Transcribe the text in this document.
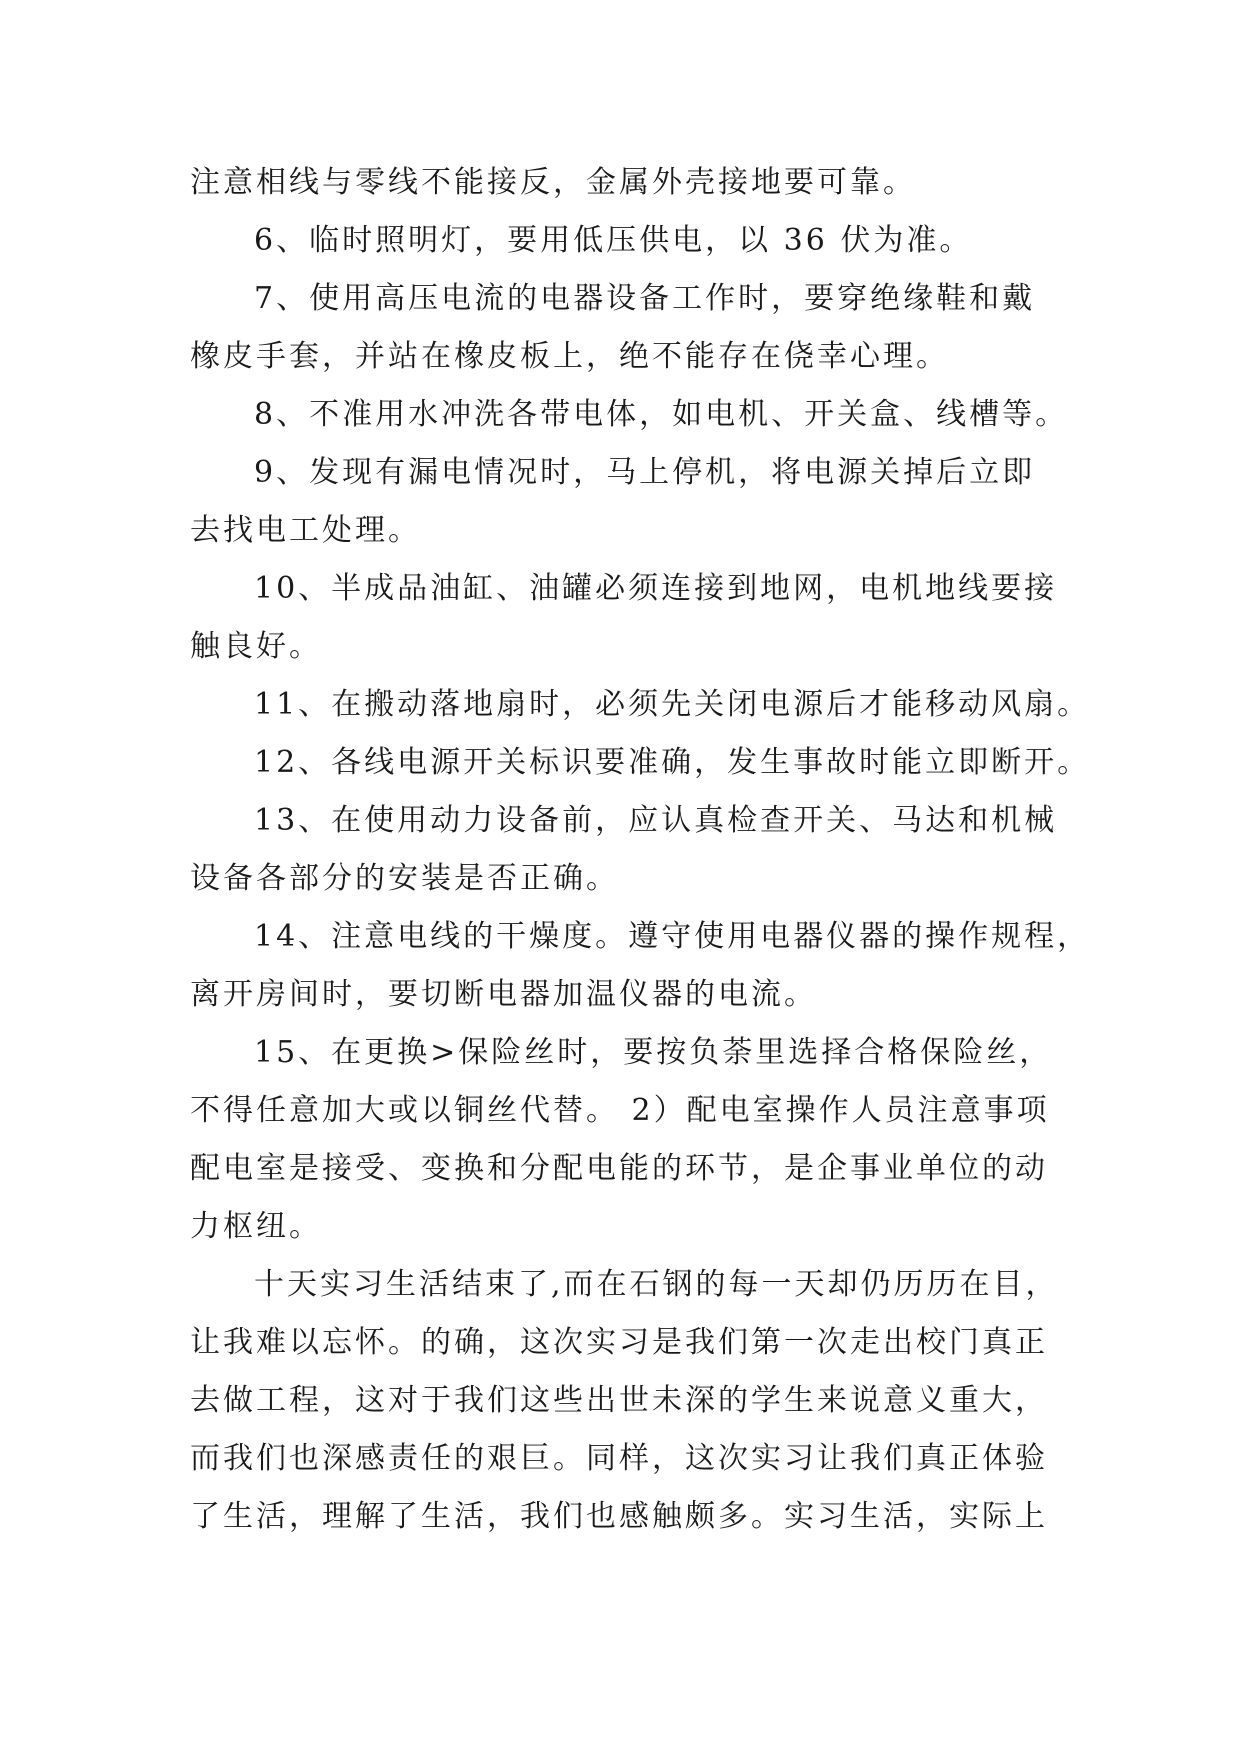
注意相线与零线不能接反，金属外壳接地要可靠。
6、临时照明灯，要用低压供电，以 36 伏为准。
7、使用高压电流的电器设备工作时，要穿绝缘鞋和戴
橡皮手套，并站在橡皮板上，绝不能存在侥幸心理。
8、不准用水冲洗各带电体，如电机、开关盒、线槽等。
9、发现有漏电情况时，马上停机，将电源关掉后立即
去找电工处理。
10、半成品油缸、油罐必须连接到地网，电机地线要接
触良好。
11、在搬动落地扇时，必须先关闭电源后才能移动风扇。
12、各线电源开关标识要准确，发生事故时能立即断开。
13、在使用动力设备前，应认真检查开关、马达和机械
设备各部分的安装是否正确。
14、注意电线的干燥度。遵守使用电器仪器的操作规程，
离开房间时，要切断电器加温仪器的电流。
15、在更换>保险丝时，要按负荼里选择合格保险丝，
不得任意加大或以铜丝代替。 2）配电室操作人员注意事项
配电室是接受、变换和分配电能的环节，是企事业单位的动
力枢纽。
十天实习生活结束了,而在石钢的每一天却仍历历在目，
让我难以忘怀。的确，这次实习是我们第一次走出校门真正
去做工程，这对于我们这些出世未深的学生来说意义重大，
而我们也深感责任的艰巨。同样，这次实习让我们真正体验
了生活，理解了生活，我们也感触颇多。实习生活，实际上
